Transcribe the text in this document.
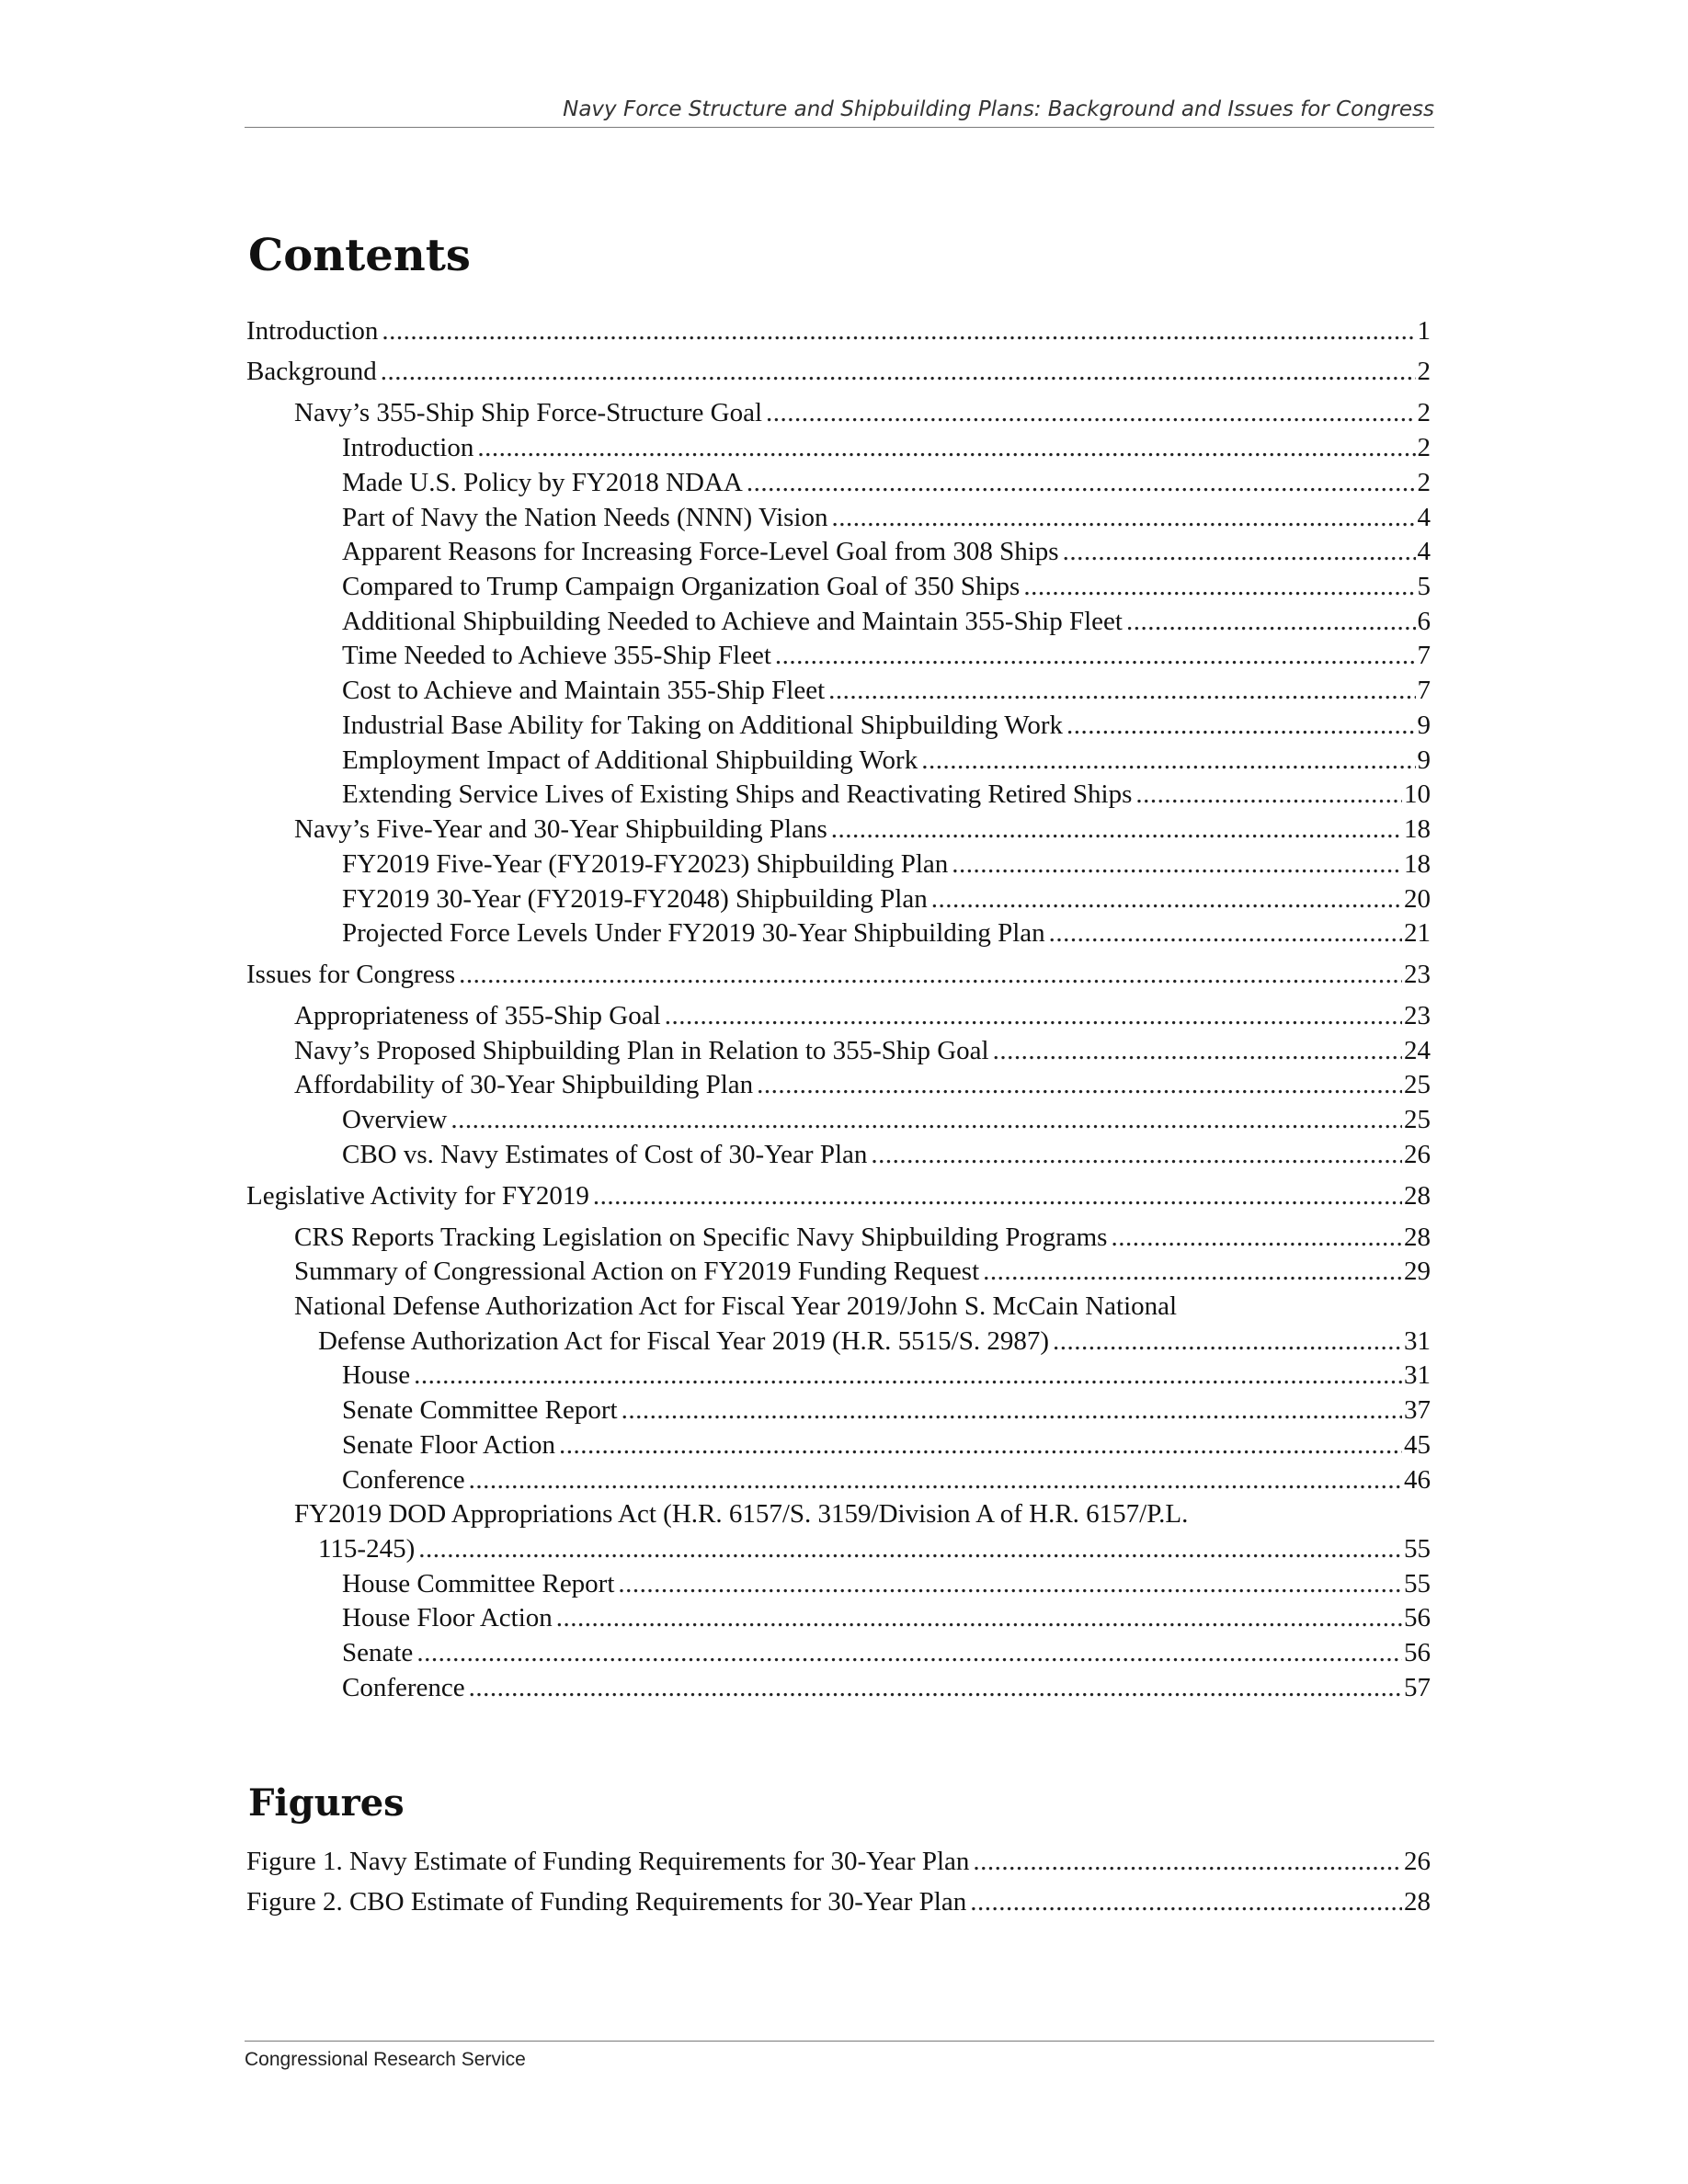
Navy Force Structure and Shipbuilding Plans: Background and Issues for Congress
Contents
Introduction .....	1
Background .....	2
Navy’s 355-Ship Ship Force-Structure Goal .....	2
Introduction .....	2
Made U.S. Policy by FY2018 NDAA .....	2
Part of Navy the Nation Needs (NNN) Vision .....	4
Apparent Reasons for Increasing Force-Level Goal from 308 Ships .....	4
Compared to Trump Campaign Organization Goal of 350 Ships .....	5
Additional Shipbuilding Needed to Achieve and Maintain 355-Ship Fleet .....	6
Time Needed to Achieve 355-Ship Fleet .....	7
Cost to Achieve and Maintain 355-Ship Fleet .....	7
Industrial Base Ability for Taking on Additional Shipbuilding Work .....	9
Employment Impact of Additional Shipbuilding Work .....	9
Extending Service Lives of Existing Ships and Reactivating Retired Ships .....	10
Navy’s Five-Year and 30-Year Shipbuilding Plans .....	18
FY2019 Five-Year (FY2019-FY2023) Shipbuilding Plan .....	18
FY2019 30-Year (FY2019-FY2048) Shipbuilding Plan .....	20
Projected Force Levels Under FY2019 30-Year Shipbuilding Plan .....	21
Issues for Congress .....	23
Appropriateness of 355-Ship Goal .....	23
Navy’s Proposed Shipbuilding Plan in Relation to 355-Ship Goal .....	24
Affordability of 30-Year Shipbuilding Plan .....	25
Overview .....	25
CBO vs. Navy Estimates of Cost of 30-Year Plan .....	26
Legislative Activity for FY2019 .....	28
CRS Reports Tracking Legislation on Specific Navy Shipbuilding Programs .....	28
Summary of Congressional Action on FY2019 Funding Request .....	29
National Defense Authorization Act for Fiscal Year 2019/John S. McCain National
Defense Authorization Act for Fiscal Year 2019 (H.R. 5515/S. 2987) .....	31
House .....	31
Senate Committee Report .....	37
Senate Floor Action .....	45
Conference .....	46
FY2019 DOD Appropriations Act (H.R. 6157/S. 3159/Division A of H.R. 6157/P.L.
115-245) .....	55
House Committee Report .....	55
House Floor Action .....	56
Senate .....	56
Conference .....	57
Figures
Figure 1. Navy Estimate of Funding Requirements for 30-Year Plan .....	26
Figure 2. CBO Estimate of Funding Requirements for 30-Year Plan .....	28
Congressional Research Service
